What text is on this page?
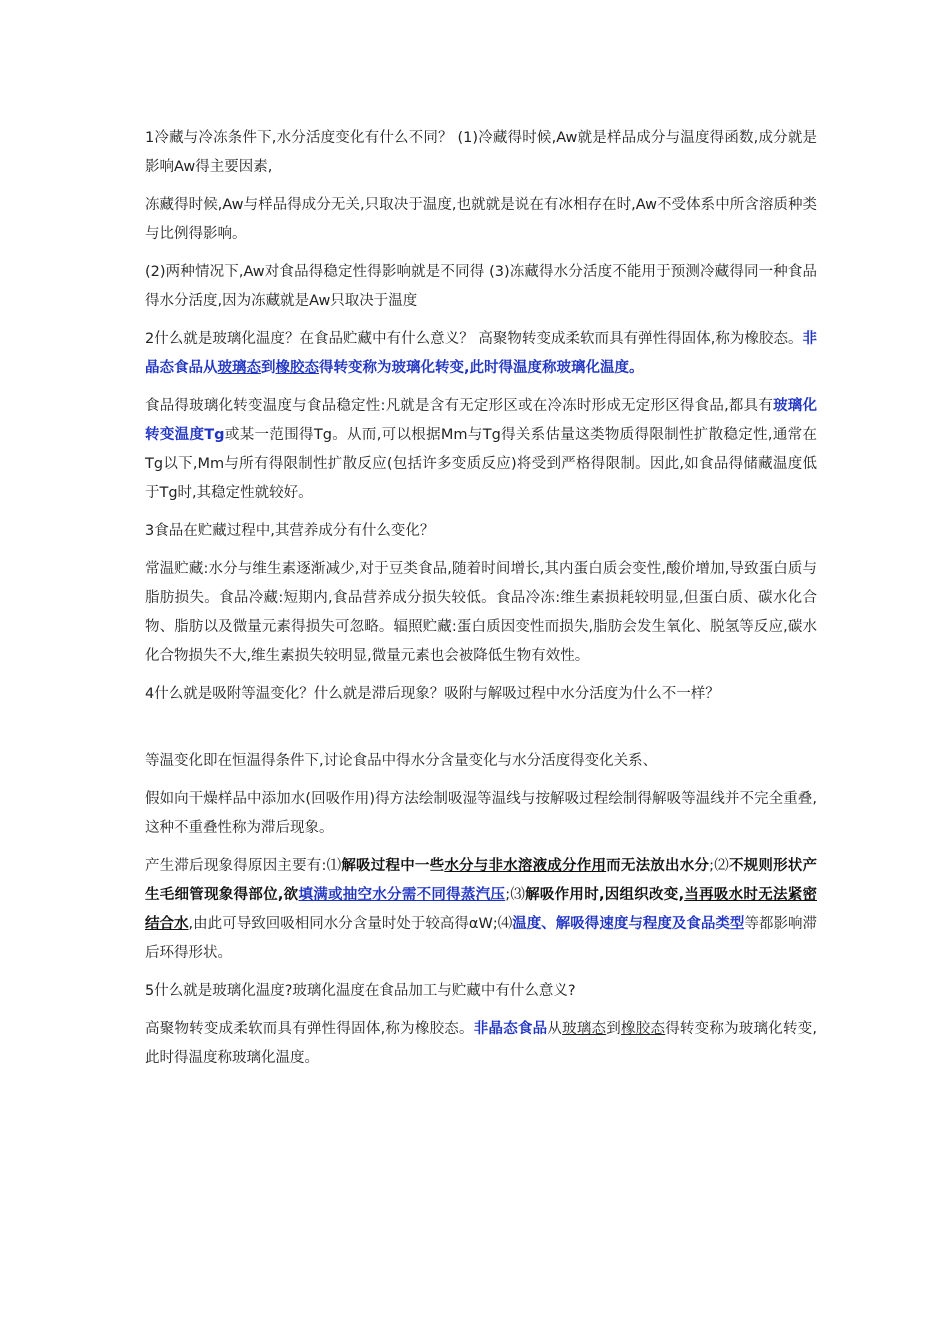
1冷藏与冷冻条件下,水分活度变化有什么不同？ (1)冷藏得时候,Aw就是样品成分与温度得函数,成分就是影响Aw得主要因素,

冻藏得时候,Aw与样品得成分无关,只取决于温度,也就就是说在有冰相存在时,Aw不受体系中所含溶质种类与比例得影响。

(2)两种情况下,Aw对食品得稳定性得影响就是不同得 (3)冻藏得水分活度不能用于预测冷藏得同一种食品得水分活度,因为冻藏就是Aw只取决于温度

2什么就是玻璃化温度？在食品贮藏中有什么意义？ 高聚物转变成柔软而具有弹性得固体,称为橡胶态。非晶态食品从玻璃态到橡胶态得转变称为玻璃化转变,此时得温度称玻璃化温度。

食品得玻璃化转变温度与食品稳定性:凡就是含有无定形区或在冷冻时形成无定形区得食品,都具有玻璃化转变温度Tg或某一范围得Tg。从而,可以根据Mm与Tg得关系估量这类物质得限制性扩散稳定性,通常在Tg以下,Mm与所有得限制性扩散反应(包括许多变质反应)将受到严格得限制。因此,如食品得储藏温度低于Tg时,其稳定性就较好。

3食品在贮藏过程中,其营养成分有什么变化？

常温贮藏:水分与维生素逐渐减少,对于豆类食品,随着时间增长,其内蛋白质会变性,酸价增加,导致蛋白质与脂肪损失。食品冷藏:短期内,食品营养成分损失较低。食品冷冻:维生素损耗较明显,但蛋白质、碳水化合物、脂肪以及微量元素得损失可忽略。辐照贮藏:蛋白质因变性而损失,脂肪会发生氧化、脱氢等反应,碳水化合物损失不大,维生素损失较明显,微量元素也会被降低生物有效性。

4什么就是吸附等温变化？什么就是滞后现象？吸附与解吸过程中水分活度为什么不一样？

等温变化即在恒温得条件下,讨论食品中得水分含量变化与水分活度得变化关系、

假如向干燥样品中添加水(回吸作用)得方法绘制吸湿等温线与按解吸过程绘制得解吸等温线并不完全重叠,这种不重叠性称为滞后现象。

产生滞后现象得原因主要有:⑴解吸过程中一些水分与非水溶液成分作用而无法放出水分;⑵不规则形状产生毛细管现象得部位,欲填满或抽空水分需不同得蒸汽压;⑶解吸作用时,因组织改变,当再吸水时无法紧密结合水,由此可导致回吸相同水分含量时处于较高得αW;⑷温度、解吸得速度与程度及食品类型等都影响滞后环得形状。

5什么就是玻璃化温度?玻璃化温度在食品加工与贮藏中有什么意义?

高聚物转变成柔软而具有弹性得固体,称为橡胶态。非晶态食品从玻璃态到橡胶态得转变称为玻璃化转变,此时得温度称玻璃化温度。
